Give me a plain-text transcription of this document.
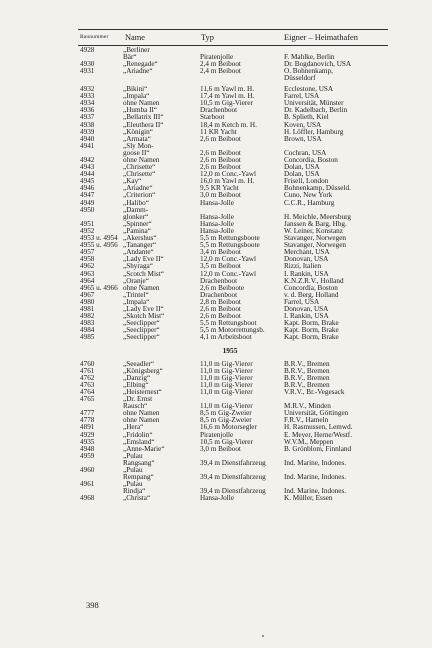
Baunummer Name	Typ	Eigner – Heimathafen
4928	„Berliner
Bär“	Piratenjolle	F. Mahlke, Berlin
4930	„Renegade“	2,4 m Beiboot	Dr. Bogdanovich, USA
4931	„Ariadne“	2,4 m Beiboot	O. Bohnenkamp,
Düsseldorf
4932	„Bikini“	11,6 m Yawl m. H.	Ecclestone, USA
4933	„Impala“	17,4 m Yawl m. H.	Farrel, USA
4934	ohne Namen	10,5 m Gig-Vierer	Universität, Münster
4936	„Humba II“	Drachenboot	Dr. Kadelbach, Berlin
4937	„Bellatrix III“	Starboot	B. Splieth, Kiel
4938	„Eleuthera II“	18,4 m Ketch m. H.	Koven, USA
4939	„Königin“	11 KR Yacht	H. Löffler, Hamburg
4940	„Armata“	2,6 m Beiboot	Brown, USA
4941	„Sly Mon-
goose II“	2,6 m Beiboot	Cochran, USA
4942	ohne Namen	2,6 m Beiboot	Concordia, Boston
4943	„Chrisette“	2,6 m Beiboot	Dolan, USA
4944	„Chrisette“	12,0 m Conc.-Yawl	Dolan, USA
4945	„Kay“	16,0 m Yawl m. H.	Frisell, London
4946	„Ariadne“	9,5 KR Yacht	Bohnenkamp, Düsseld.
4947	„Criterion“	3,0 m Beiboot	Cuno, New York
4949	„Halibo“	Hansa-Jolle	C.C.R., Hamburg
4950	„Damm-
glonker“	Hansa-Jolle	H. Meichle, Meersburg
4951	„Spinner“	Hansa-Jolle	Janssen & Barg, Hbg.
4952	„Pamina“	Hansa-Jolle	W. Leiner, Konstanz
4953 u. 4954 „Akershus“	5,5 m Rettungsboote	Stavanger, Norwegen
4955 u. 4956 „Tananger“	5,5 m Rettungsboote	Stavanger, Norwegen
4957	„Andante“	3,4 m Beiboot	Merchant, USA
4958	„Lady Eve II“	12,0 m Conc.-Yawl	Donovan, USA
4962	„Shyraga“	3,5 m Beiboot	Rizzi, Italien
4963	„Scotch Mist“	12,0 m Conc.-Yawl	I. Rankin, USA
4964	„Oranje“	Drachenboot	K.N.Z.R.V., Holland
4965 u. 4966 ohne Namen	2,6 m Beiboote	Concordia, Boston
4967	„Trintel“	Drachenboot	v. d. Berg, Holland
4980	„Impala“	2,8 m Beiboot	Farrel, USA
4981	„Lady Eve II“	2,6 m Beiboot	Donovan, USA
4982	„Skotch Mist“	2,6 m Beiboot	I. Rankin, USA
4983	„Seeclipper“	5,5 m Rettungsboot	Kapt. Borm, Brake
4984	„Seeclipper“	5,5 m Motorrettungsb.	Kapt. Borm, Brake
4985	„Seeclipper“	4,1 m Arbeitsboot	Kapt. Borm, Brake
1955
4760	„Seeadler“	11,0 m Gig-Vierer	B.R.V., Bremen
4761	„Königsberg“	11,0 m Gig-Vierer	B.R.V., Bremen
4762	„Danzig“	11,0 m Gig-Vierer	B.R.V., Bremen
4763	„Elbing“	11,0 m Gig-Vierer	B.R.V., Bremen
4764	„Heisternest“	11,0 m Gig-Vierer	V.R.V., Br.-Vegesack
4765	„Dr. Ernst
Rausch“	11,0 m Gig-Vierer	M.R.V., Minden
4777	ohne Namen	8,5 m Gig-Zweier	Universität, Göttingen
4778	ohne Namen	8,5 m Gig-Zweier	F.R.V., Hameln
4891	„Hera“	16,6 m Motorsegler	H. Rasmussen, Lemwd.
4929	„Fridolin“	Piratenjolle	E. Meyer, Herne/Westf.
4935	„Emsland“	10,5 m Gig-Vierer	W.V.M., Meppen
4948	„Anne-Marie“	3,0 m Beiboot	B. Grönblom, Finnland
4959	„Pulau
Rangsang“	39,4 m Dienstfahrzeug	Ind. Marine, Indones.
4960	„Pulau
Rempang“	39,4 m Dienstfahrzeug	Ind. Marine, Indones.
4961	„Pulau
Rindja“	39,4 m Dienstfahrzeug	Ind. Marine, Indones.
4968	„Christa“	Hansa-Jolle	K. Müller, Essen
398
